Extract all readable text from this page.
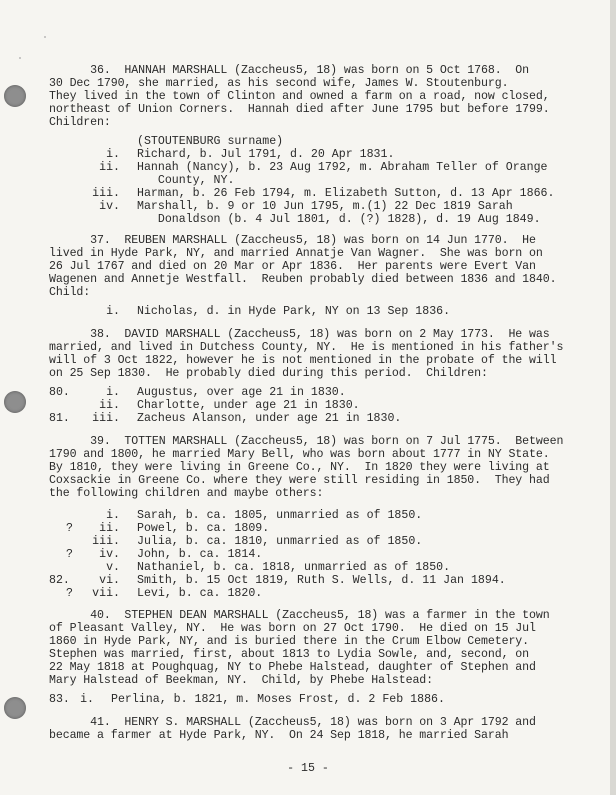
36.  HANNAH MARSHALL (Zaccheus5, 18) was born on 5 Oct 1768.  On
30 Dec 1790, she married, as his second wife, James W. Stoutenburg.
They lived in the town of Clinton and owned a farm on a road, now closed,
northeast of Union Corners.  Hannah died after June 1795 but before 1799.
Children:
(STOUTENBURG surname)
i. Richard, b. Jul 1791, d. 20 Apr 1831.
ii. Hannah (Nancy), b. 23 Aug 1792, m. Abraham Teller of Orange
County, NY.
iii. Harman, b. 26 Feb 1794, m. Elizabeth Sutton, d. 13 Apr 1866.
iv. Marshall, b. 9 or 10 Jun 1795, m.(1) 22 Dec 1819 Sarah
Donaldson (b. 4 Jul 1801, d. (?) 1828), d. 19 Aug 1849.
37.  REUBEN MARSHALL (Zaccheus5, 18) was born on 14 Jun 1770.  He
lived in Hyde Park, NY, and married Annatje Van Wagner.  She was born on
26 Jul 1767 and died on 20 Mar or Apr 1836.  Her parents were Evert Van
Wagenen and Annetje Westfall.  Reuben probably died between 1836 and 1840.
Child:
i. Nicholas, d. in Hyde Park, NY on 13 Sep 1836.
38.  DAVID MARSHALL (Zaccheus5, 18) was born on 2 May 1773.  He was
married, and lived in Dutchess County, NY.  He is mentioned in his father's
will of 3 Oct 1822, however he is not mentioned in the probate of the will
on 25 Sep 1830.  He probably died during this period.  Children:
80.	i. Augustus, over age 21 in 1830.
ii. Charlotte, under age 21 in 1830.
81.	iii. Zacheus Alanson, under age 21 in 1830.
39.  TOTTEN MARSHALL (Zaccheus5, 18) was born on 7 Jul 1775.  Between
1790 and 1800, he married Mary Bell, who was born about 1777 in NY State.
By 1810, they were living in Greene Co., NY.  In 1820 they were living at
Coxsackie in Greene Co. where they were still residing in 1850.  They had
the following children and maybe others:
i. Sarah, b. ca. 1805, unmarried as of 1850.
?	ii. Powel, b. ca. 1809.
iii. Julia, b. ca. 1810, unmarried as of 1850.
?	iv. John, b. ca. 1814.
v. Nathaniel, b. ca. 1818, unmarried as of 1850.
82.	vi. Smith, b. 15 Oct 1819, Ruth S. Wells, d. 11 Jan 1894.
?	vii. Levi, b. ca. 1820.
40.  STEPHEN DEAN MARSHALL (Zaccheus5, 18) was a farmer in the town
of Pleasant Valley, NY.  He was born on 27 Oct 1790.  He died on 15 Jul
1860 in Hyde Park, NY, and is buried there in the Crum Elbow Cemetery.
Stephen was married, first, about 1813 to Lydia Sowle, and, second, on
22 May 1818 at Poughquag, NY to Phebe Halstead, daughter of Stephen and
Mary Halstead of Beekman, NY.  Child, by Phebe Halstead:
83. i. Perlina, b. 1821, m. Moses Frost, d. 2 Feb 1886.
41.  HENRY S. MARSHALL (Zaccheus5, 18) was born on 3 Apr 1792 and
became a farmer at Hyde Park, NY.  On 24 Sep 1818, he married Sarah
- 15 -
